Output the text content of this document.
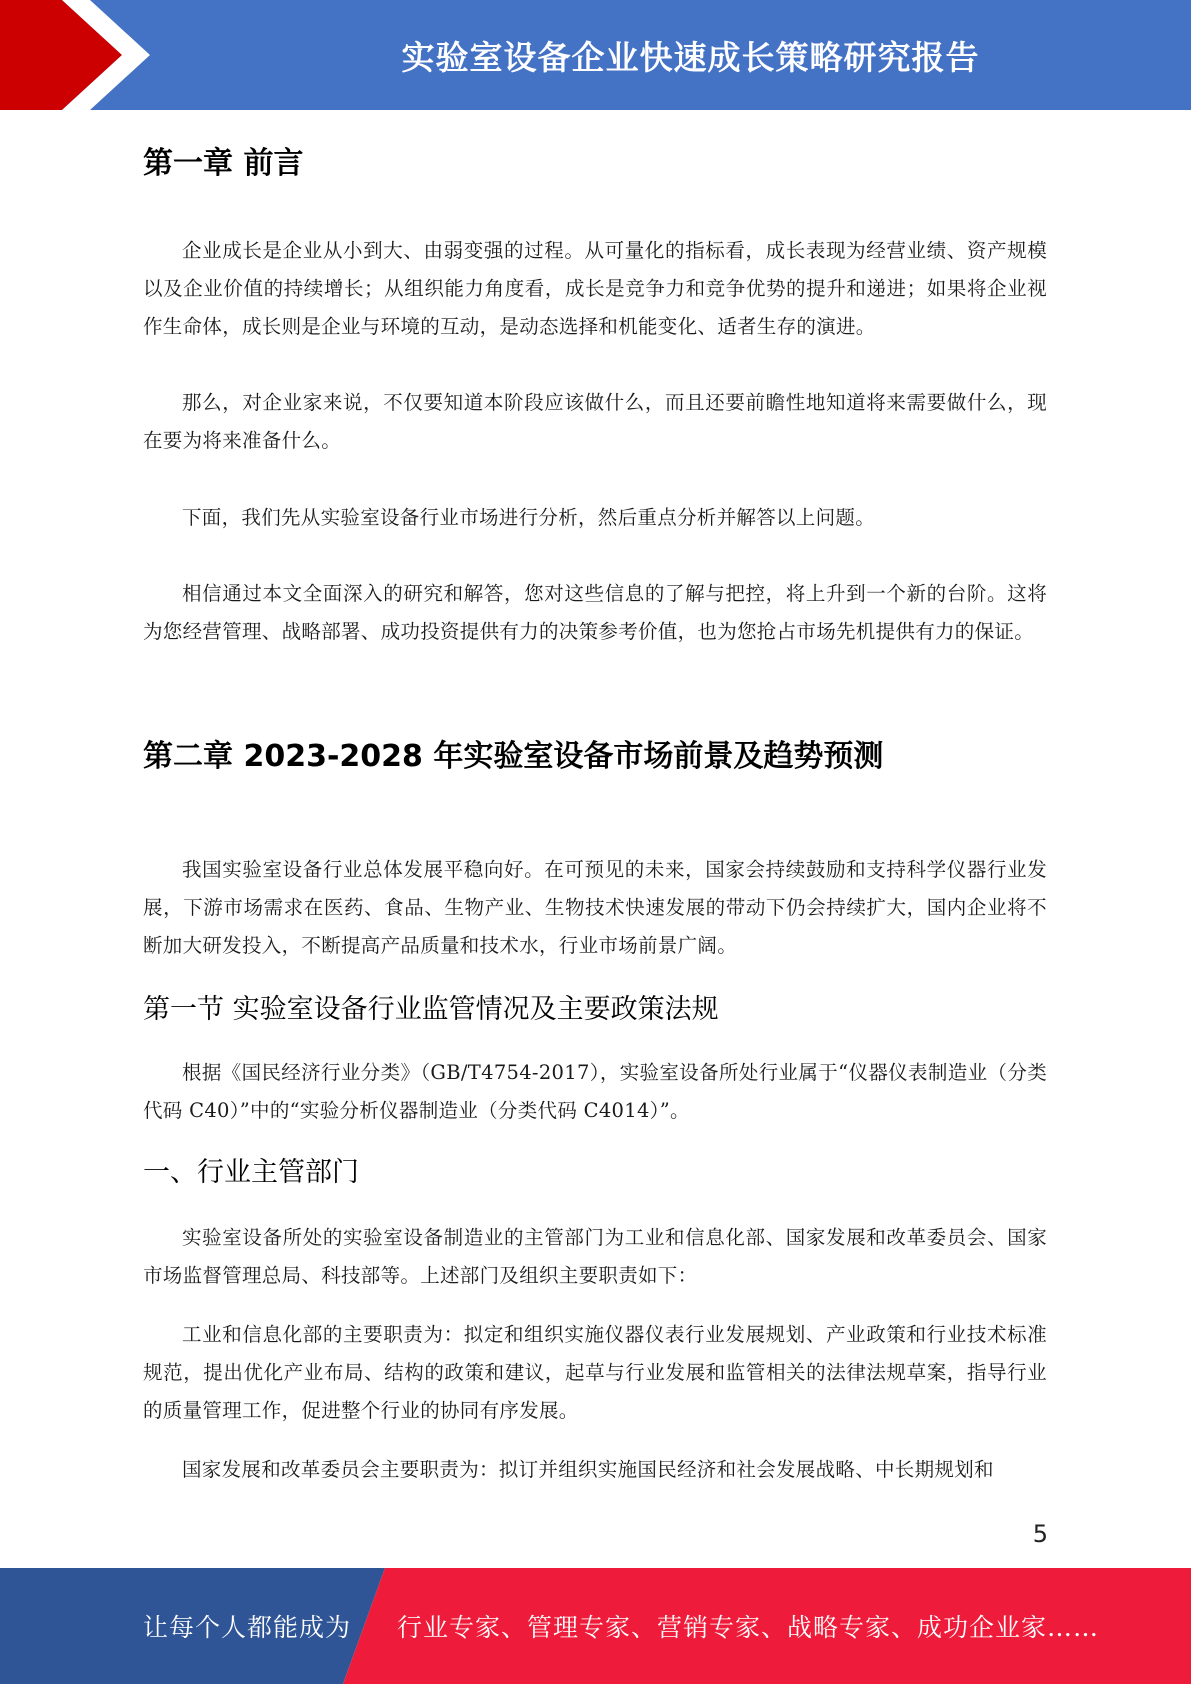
实验室设备企业快速成长策略研究报告
第一章 前言
企业成长是企业从小到大、由弱变强的过程。从可量化的指标看，成长表现为经营业绩、资产规模以及企业价值的持续增长；从组织能力角度看，成长是竞争力和竞争优势的提升和递进；如果将企业视作生命体，成长则是企业与环境的互动，是动态选择和机能变化、适者生存的演进。
那么，对企业家来说，不仅要知道本阶段应该做什么，而且还要前瞻性地知道将来需要做什么，现在要为将来准备什么。
下面，我们先从实验室设备行业市场进行分析，然后重点分析并解答以上问题。
相信通过本文全面深入的研究和解答，您对这些信息的了解与把控，将上升到一个新的台阶。这将为您经营管理、战略部署、成功投资提供有力的决策参考价值，也为您抢占市场先机提供有力的保证。
第二章 2023-2028 年实验室设备市场前景及趋势预测
我国实验室设备行业总体发展平稳向好。在可预见的未来，国家会持续鼓励和支持科学仪器行业发展，下游市场需求在医药、食品、生物产业、生物技术快速发展的带动下仍会持续扩大，国内企业将不断加大研发投入，不断提高产品质量和技术水，行业市场前景广阔。
第一节 实验室设备行业监管情况及主要政策法规
根据《国民经济行业分类》（GB/T4754-2017），实验室设备所处行业属于“仪器仪表制造业（分类代码 C40）”中的“实验分析仪器制造业（分类代码 C4014）”。
一、行业主管部门
实验室设备所处的实验室设备制造业的主管部门为工业和信息化部、国家发展和改革委员会、国家市场监督管理总局、科技部等。上述部门及组织主要职责如下：
工业和信息化部的主要职责为：拟定和组织实施仪器仪表行业发展规划、产业政策和行业技术标准规范，提出优化产业布局、结构的政策和建议，起草与行业发展和监管相关的法律法规草案，指导行业的质量管理工作，促进整个行业的协同有序发展。
国家发展和改革委员会主要职责为：拟订并组织实施国民经济和社会发展战略、中长期规划和
5
让每个人都能成为 行业专家、管理专家、营销专家、战略专家、成功企业家……
